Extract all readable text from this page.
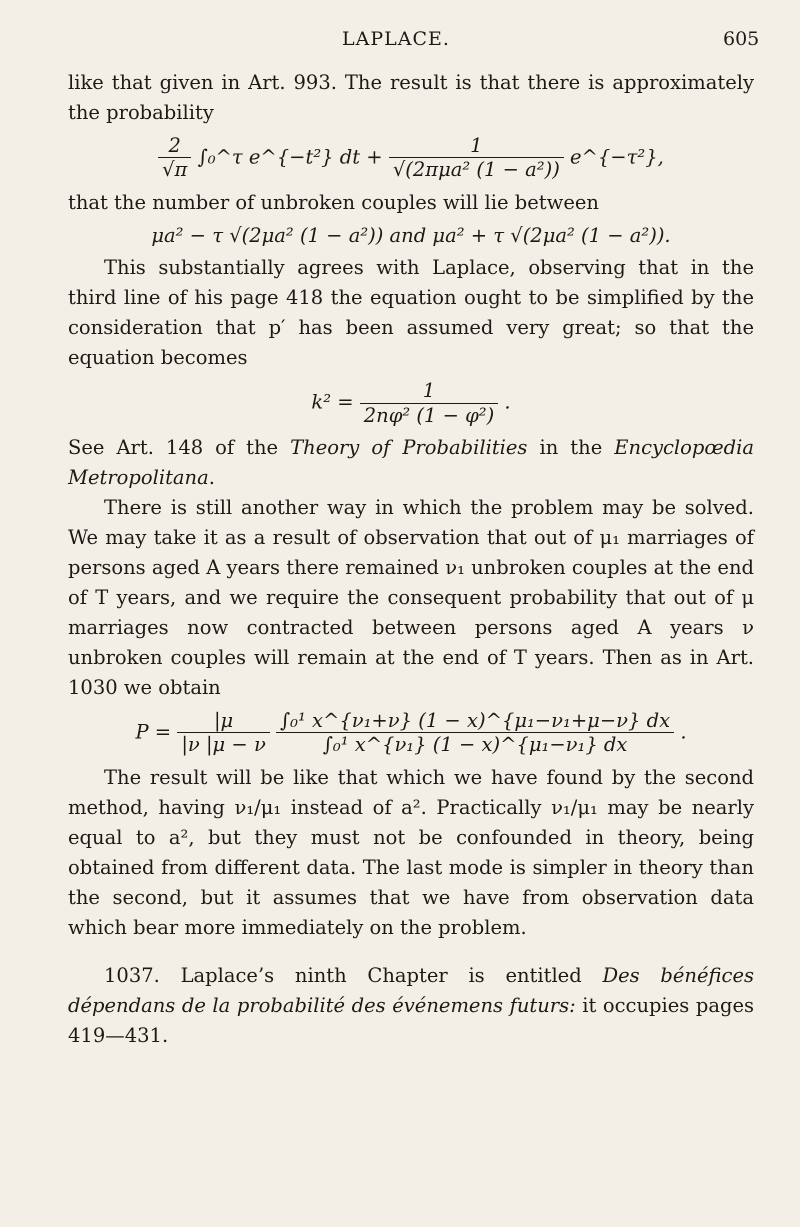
LAPLACE.	605

like that given in Art. 993. The result is that there is approximately the probability

$\frac{2}{√\pi}$ ∫₀^τ e^{−t²} dt + $\frac{1}{\text{√(2πμa² (1 − a²))}}$ e^{−τ²},

that the number of unbroken couples will lie between

μa² − τ √(2μa² (1 − a²)) and μa² + τ √(2μa² (1 − a²)).

This substantially agrees with Laplace, observing that in the third line of his page 418 the equation ought to be simplified by the consideration that p′ has been assumed very great; so that the equation becomes

$k^2 = \frac{1}{\text{2nφ² (1 − φ²)}}$ .

See Art. 148 of the Theory of Probabilities in the Encyclopœdia Metropolitana.

There is still another way in which the problem may be solved. We may take it as a result of observation that out of μ₁ marriages of persons aged A years there remained ν₁ unbroken couples at the end of T years, and we require the consequent probability that out of μ marriages now contracted between persons aged A years ν unbroken couples will remain at the end of T years. Then as in Art. 1030 we obtain

$P = \frac{|\mu}{|\nu |\mu - \nu}$
$\frac{\text{∫₀¹ x\textasciicircum{}\{ν₁+ν\} (1 − x)\textasciicircum{}\{μ₁−ν₁+μ−ν\} dx}}{\text{∫₀¹ x\textasciicircum{}\{ν₁\} (1 − x)\textasciicircum{}\{μ₁−ν₁\} dx}}$ .

The result will be like that which we have found by the second method, having ν₁/μ₁ instead of a². Practically ν₁/μ₁ may be nearly equal to a², but they must not be confounded in theory, being obtained from different data. The last mode is simpler in theory than the second, but it assumes that we have from observation data which bear more immediately on the problem.

1037. Laplace’s ninth Chapter is entitled Des bénéfices dépendans de la probabilité des événemens futurs: it occupies pages 419—431.
